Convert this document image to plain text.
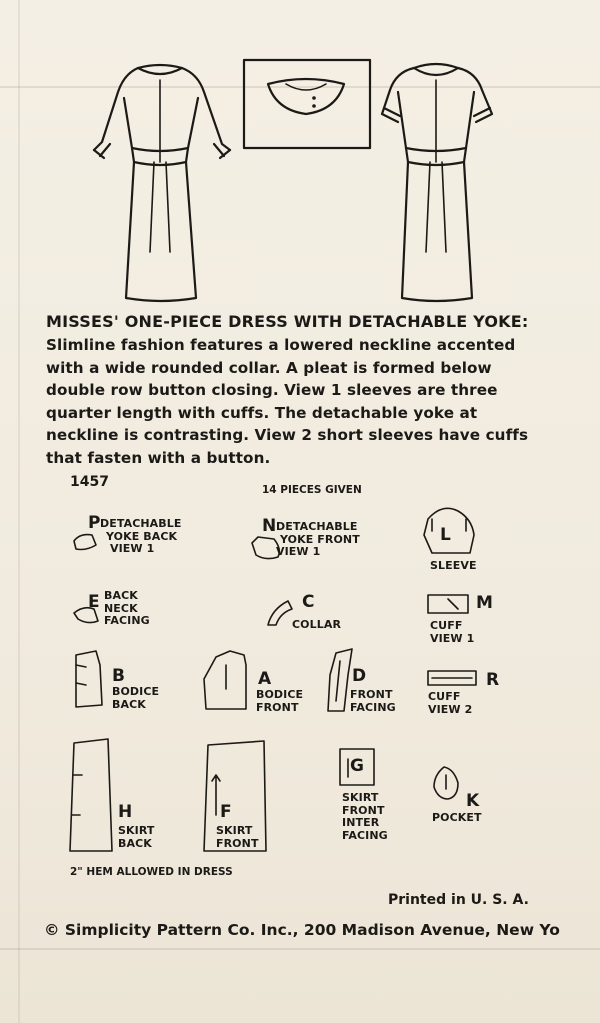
MISSES' ONE-PIECE DRESS WITH DETACHABLE YOKE:
Slimline fashion features a lowered neckline accented
with a wide rounded collar. A pleat is formed below
double row button closing. View 1 sleeves are three
quarter length with cuffs. The detachable yoke at
neckline is contrasting. View 2 short sleeves have cuffs
that fasten with a button.
1457	14 PIECES GIVEN
P	N	L
E	C	M
B	A	D	R
H	F
G
K
DETACHABLE
YOKE BACK
VIEW 1
DETACHABLE
YOKE FRONT
VIEW 1
SLEEVE
BACK
NECK
FACING	COLLAR	CUFF
VIEW 1
BODICE
BACK
BODICE
FRONT
FRONT
FACING
CUFF
VIEW 2
SKIRT
BACK
SKIRT
FRONT
SKIRT
FRONT
INTER
FACING
POCKET
2" HEM ALLOWED IN DRESS
Printed in U. S. A.
© Simplicity Pattern Co. Inc., 200 Madison Avenue, New Yo
